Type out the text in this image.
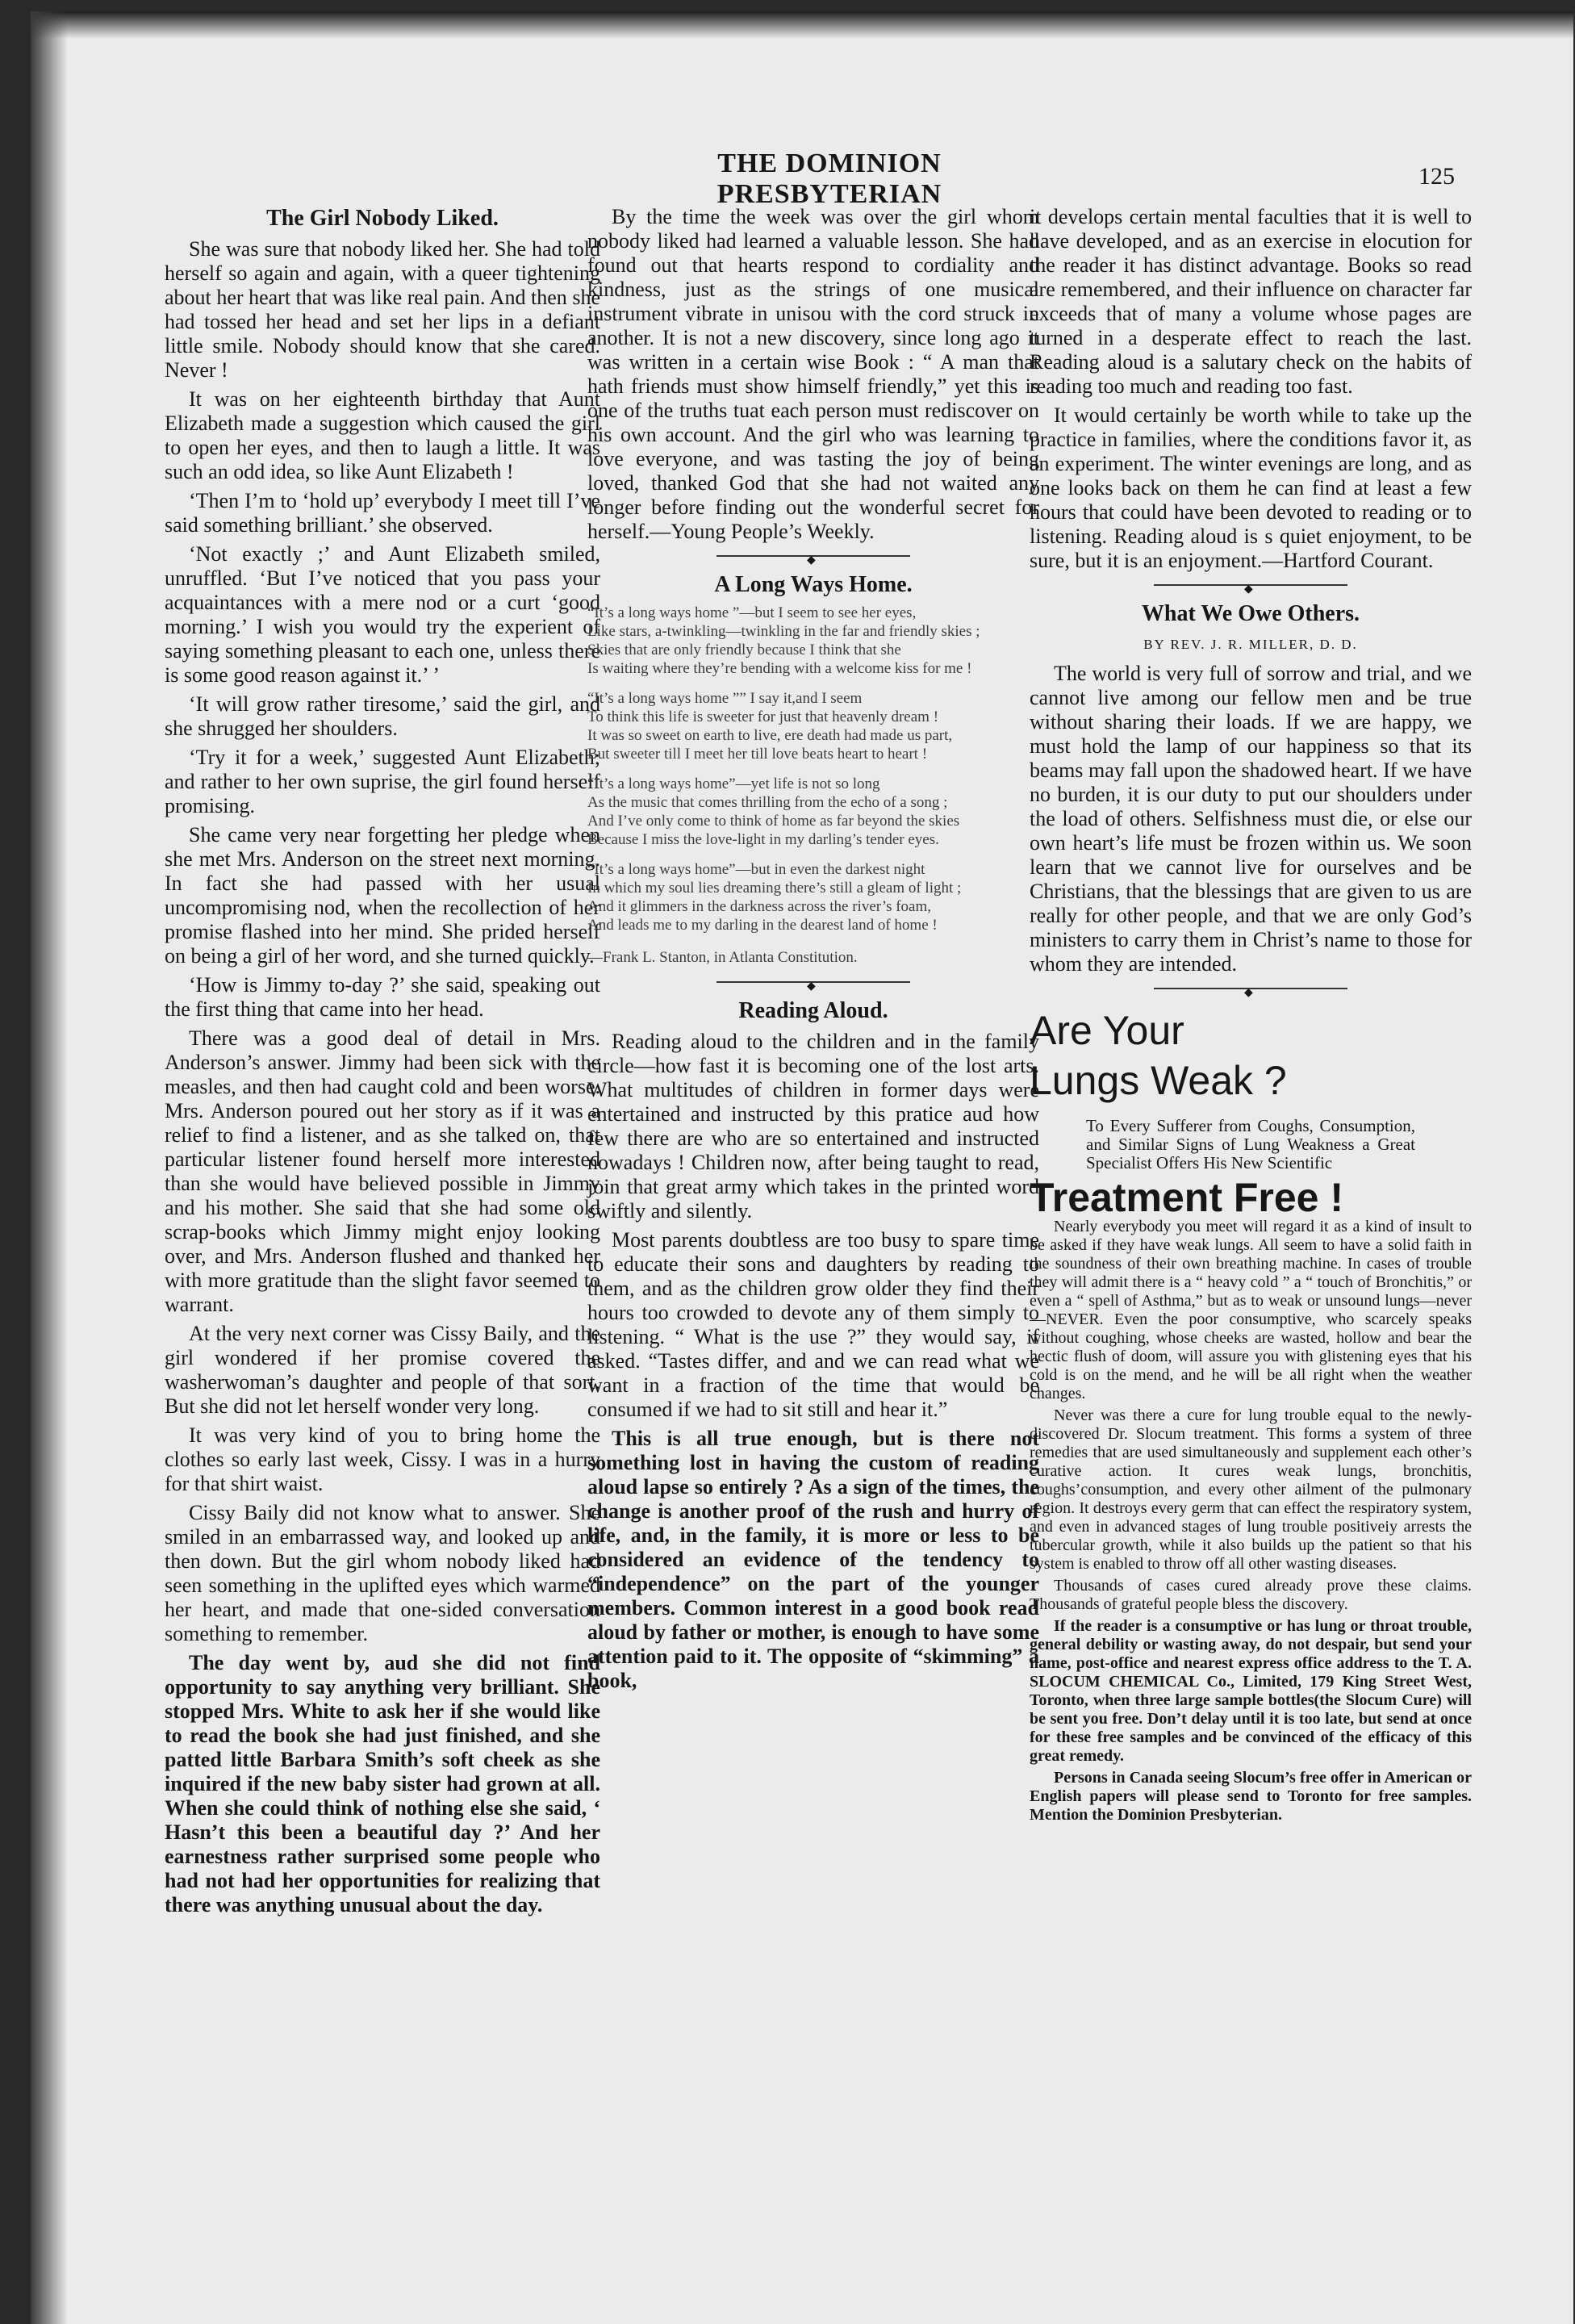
THE DOMINION PRESBYTERIAN
125
The Girl Nobody Liked.

She was sure that nobody liked her. She had told herself so again and again, with a queer tightening about her heart that was like real pain. And then she had tossed her head and set her lips in a defiant little smile. Nobody should know that she cared. Never !

It was on her eighteenth birthday that Aunt Elizabeth made a suggestion which caused the girl to open her eyes, and then to laugh a little. It was such an odd idea, so like Aunt Elizabeth !

‘Then I’m to ‘hold up’ everybody I meet till I’ve said something brilliant.’ she observed.

‘Not exactly ;’ and Aunt Elizabeth smiled, unruffled. ‘But I’ve noticed that you pass your acquaintances with a mere nod or a curt ‘good morning.’ I wish you would try the experient of saying something pleasant to each one, unless there is some good reason against it.’ ’

‘It will grow rather tiresome,’ said the girl, and she shrugged her shoulders.

‘Try it for a week,’ suggested Aunt Elizabeth; and rather to her own suprise, the girl found herself promising.

She came very near forgetting her pledge when she met Mrs. Anderson on the street next morning. In fact she had passed with her usual uncompromising nod, when the recollection of her promise flashed into her mind. She prided herself on being a girl of her word, and she turned quickly.

‘How is Jimmy to-day ?’ she said, speaking out the first thing that came into her head.

There was a good deal of detail in Mrs. Anderson’s answer. Jimmy had been sick with the measles, and then had caught cold and been worse. Mrs. Anderson poured out her story as if it was a relief to find a listener, and as she talked on, that particular listener found herself more interested than she would have believed possible in Jimmy and his mother. She said that she had some old scrap-books which Jimmy might enjoy looking over, and Mrs. Anderson flushed and thanked her with more gratitude than the slight favor seemed to warrant.

At the very next corner was Cissy Baily, and the girl wondered if her promise covered the washerwoman’s daughter and people of that sort. But she did not let herself wonder very long.

It was very kind of you to bring home the clothes so early last week, Cissy. I was in a hurry for that shirt waist.

Cissy Baily did not know what to answer. She smiled in an embarrassed way, and looked up and then down. But the girl whom nobody liked had seen something in the uplifted eyes which warmed her heart, and made that one-sided conversation something to remember.

The day went by, aud she did not find opportunity to say anything very brilliant. She stopped Mrs. White to ask her if she would like to read the book she had just finished, and she patted little Barbara Smith’s soft cheek as she inquired if the new baby sister had grown at all. When she could think of nothing else she said, ‘ Hasn’t this been a beautiful day ?’ And her earnestness rather surprised some people who had not had her opportunities for realizing that there was anything unusual about the day.

By the time the week was over the girl whom nobody liked had learned a valuable lesson. She had found out that hearts respond to cordiality and kindness, just as the strings of one musical instrument vibrate in unisou with the cord struck in another. It is not a new discovery, since long ago it was written in a certain wise Book : “ A man that hath friends must show himself friendly,” yet this is one of the truths tuat each person must rediscover on his own account. And the girl who was learning to love everyone, and was tasting the joy of being loved, thanked God that she had not waited any longer before finding out the wonderful secret for herself.—Young People’s Weekly.

◆
A Long Ways Home.
“It’s a long ways home ”—but I seem to see her eyes,
Like stars, a-twinkling—twinkling in the far and friendly skies ;
Skies that are only friendly because I think that she
Is waiting where they’re bending with a welcome kiss for me !
“It’s a long ways home ”” I say it,and I seem
To think this life is sweeter for just that heavenly dream !
It was so sweet on earth to live, ere death had made us part,
But sweeter till I meet her till love beats heart to heart !
“It’s a long ways home”—yet life is not so long
As the music that comes thrilling from the echo of a song ;
And I’ve only come to think of home as far beyond the skies
Because I miss the love-light in my darling’s tender eyes.
“It’s a long ways home”—but in even the darkest night
In which my soul lies dreaming there’s still a gleam of light ;
And it glimmers in the darkness across the river’s foam,
And leads me to my darling in the dearest land of home !
—Frank L. Stanton, in Atlanta Constitution.
◆
Reading Aloud.

Reading aloud to the children and in the family circle—how fast it is becoming one of the lost arts. What multitudes of children in former days were entertained and instructed by this pratice aud how few there are who are so entertained and instructed nowadays ! Children now, after being taught to read, join that great army which takes in the printed word swiftly and silently.

Most parents doubtless are too busy to spare time to educate their sons and daughters by reading to them, and as the children grow older they find their hours too crowded to devote any of them simply to listening. “ What is the use ?” they would say, if asked. “Tastes differ, and and we can read what we want in a fraction of the time that would be consumed if we had to sit still and hear it.”

This is all true enough, but is there not something lost in having the custom of reading aloud lapse so entirely ? As a sign of the times, the change is another proof of the rush and hurry of life, and, in the family, it is more or less to be considered an evidence of the tendency to “independence” on the part of the younger members. Common interest in a good book read aloud by father or mother, is enough to have some attention paid to it. The opposite of “skimming” a book,

it develops certain mental faculties that it is well to have developed, and as an exercise in elocution for the reader it has distinct advantage. Books so read are remembered, and their influence on character far exceeds that of many a volume whose pages are turned in a desperate effect to reach the last. Reading aloud is a salutary check on the habits of reading too much and reading too fast.

It would certainly be worth while to take up the practice in families, where the conditions favor it, as an experiment. The winter evenings are long, and as one looks back on them he can find at least a few hours that could have been devoted to reading or to listening. Reading aloud is s quiet enjoyment, to be sure, but it is an enjoyment.—Hartford Courant.

◆
What We Owe Others.
BY REV. J. R. MILLER, D. D.

The world is very full of sorrow and trial, and we cannot live among our fellow men and be true without sharing their loads. If we are happy, we must hold the lamp of our happiness so that its beams may fall upon the shadowed heart. If we have no burden, it is our duty to put our shoulders under the load of others. Selfishness must die, or else our own heart’s life must be frozen within us. We soon learn that we cannot live for ourselves and be Christians, that the blessings that are given to us are really for other people, and that we are only God’s ministers to carry them in Christ’s name to those for whom they are intended.

◆
Are Your
Lungs Weak ?
To Every Sufferer from Coughs, Consumption, and Similar Signs of Lung Weakness a Great Specialist Offers His New Scientific
Treatment Free !

Nearly everybody you meet will regard it as a kind of insult to be asked if they have weak lungs. All seem to have a solid faith in the soundness of their own breathing machine. In cases of trouble they will admit there is a “ heavy cold ” a “ touch of Bronchitis,” or even a “ spell of Asthma,” but as to weak or unsound lungs—never—NEVER. Even the poor consumptive, who scarcely speaks without coughing, whose cheeks are wasted, hollow and bear the hectic flush of doom, will assure you with glistening eyes that his cold is on the mend, and he will be all right when the weather changes.

Never was there a cure for lung trouble equal to the newly-discovered Dr. Slocum treatment. This forms a system of three remedies that are used simultaneously and supplement each other’s curative action. It cures weak lungs, bronchitis, coughs’consumption, and every other ailment of the pulmonary region. It destroys every germ that can effect the respiratory system, and even in advanced stages of lung trouble positiveiy arrests the tubercular growth, while it also builds up the patient so that his system is enabled to throw off all other wasting diseases.

Thousands of cases cured already prove these claims. Thousands of grateful people bless the discovery.

If the reader is a consumptive or has lung or throat trouble, general debility or wasting away, do not despair, but send your name, post-office and nearest express office address to the T. A. SLOCUM CHEMICAL Co., Limited, 179 King Street West, Toronto, when three large sample bottles(the Slocum Cure) will be sent you free. Don’t delay until it is too late, but send at once for these free samples and be convinced of the efficacy of this great remedy.

Persons in Canada seeing Slocum’s free offer in American or English papers will please send to Toronto for free samples. Mention the Dominion Presbyterian.
